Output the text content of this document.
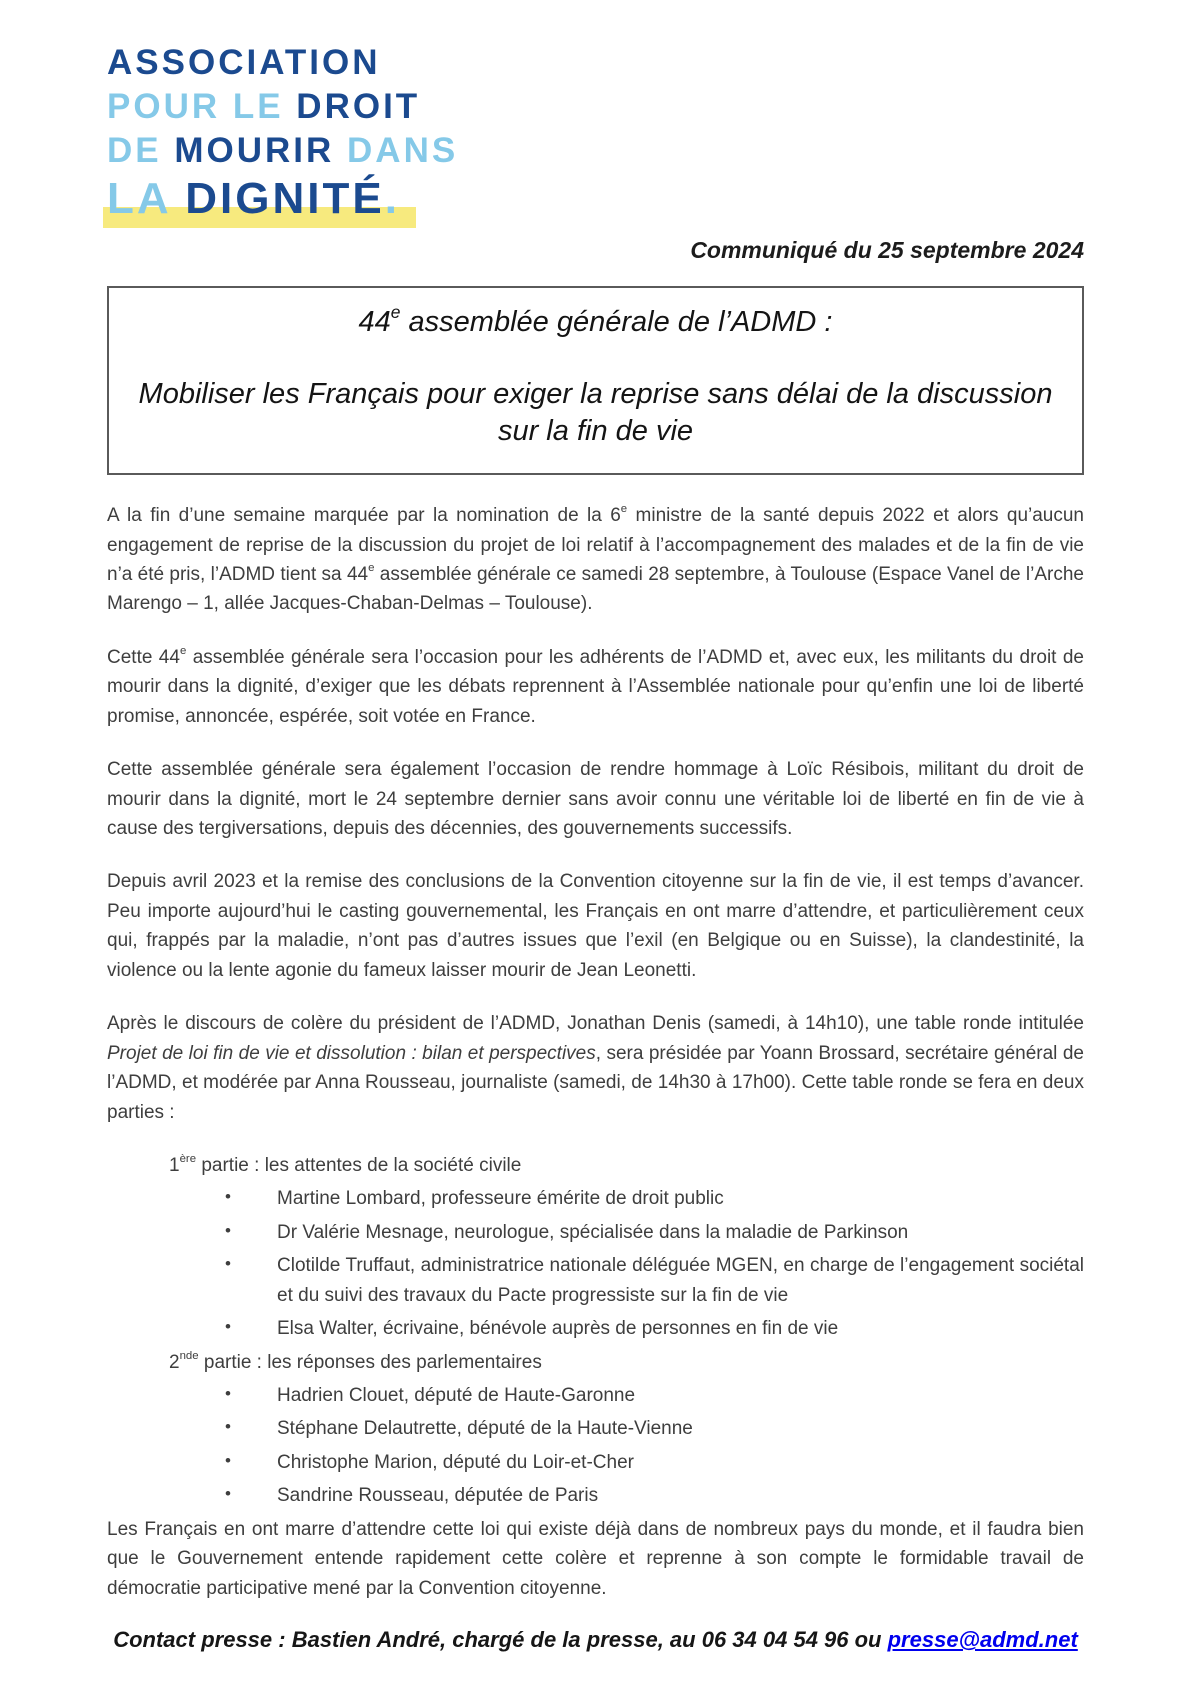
ASSOCIATION
POUR LE DROIT
DE MOURIR DANS
LA DIGNITÉ.
Communiqué du 25 septembre 2024
44e assemblée générale de l’ADMD :
Mobiliser les Français pour exiger la reprise sans délai de la discussion sur la fin de vie
A la fin d’une semaine marquée par la nomination de la 6e ministre de la santé depuis 2022 et alors qu’aucun engagement de reprise de la discussion du projet de loi relatif à l’accompagnement des malades et de la fin de vie n’a été pris, l’ADMD tient sa 44e assemblée générale ce samedi 28 septembre, à Toulouse (Espace Vanel de l’Arche Marengo – 1, allée Jacques-Chaban-Delmas – Toulouse).
Cette 44e assemblée générale sera l’occasion pour les adhérents de l’ADMD et, avec eux, les militants du droit de mourir dans la dignité, d’exiger que les débats reprennent à l’Assemblée nationale pour qu’enfin une loi de liberté promise, annoncée, espérée, soit votée en France.
Cette assemblée générale sera également l’occasion de rendre hommage à Loïc Résibois, militant du droit de mourir dans la dignité, mort le 24 septembre dernier sans avoir connu une véritable loi de liberté en fin de vie à cause des tergiversations, depuis des décennies, des gouvernements successifs.
Depuis avril 2023 et la remise des conclusions de la Convention citoyenne sur la fin de vie, il est temps d’avancer. Peu importe aujourd’hui le casting gouvernemental, les Français en ont marre d’attendre, et particulièrement ceux qui, frappés par la maladie, n’ont pas d’autres issues que l’exil (en Belgique ou en Suisse), la clandestinité, la violence ou la lente agonie du fameux laisser mourir de Jean Leonetti.
Après le discours de colère du président de l’ADMD, Jonathan Denis (samedi, à 14h10), une table ronde intitulée Projet de loi fin de vie et dissolution : bilan et perspectives, sera présidée par Yoann Brossard, secrétaire général de l’ADMD, et modérée par Anna Rousseau, journaliste (samedi, de 14h30 à 17h00). Cette table ronde se fera en deux parties :
1ère partie : les attentes de la société civile
•	Martine Lombard, professeure émérite de droit public
•	Dr Valérie Mesnage, neurologue, spécialisée dans la maladie de Parkinson
•	Clotilde Truffaut, administratrice nationale déléguée MGEN, en charge de l’engagement sociétal et du suivi des travaux du Pacte progressiste sur la fin de vie
•	Elsa Walter, écrivaine, bénévole auprès de personnes en fin de vie
2nde partie : les réponses des parlementaires
•	Hadrien Clouet, député de Haute-Garonne
•	Stéphane Delautrette, député de la Haute-Vienne
•	Christophe Marion, député du Loir-et-Cher
•	Sandrine Rousseau, députée de Paris
Les Français en ont marre d’attendre cette loi qui existe déjà dans de nombreux pays du monde, et il faudra bien que le Gouvernement entende rapidement cette colère et reprenne à son compte le formidable travail de démocratie participative mené par la Convention citoyenne.
Contact presse : Bastien André, chargé de la presse, au 06 34 04 54 96 ou presse@admd.net
